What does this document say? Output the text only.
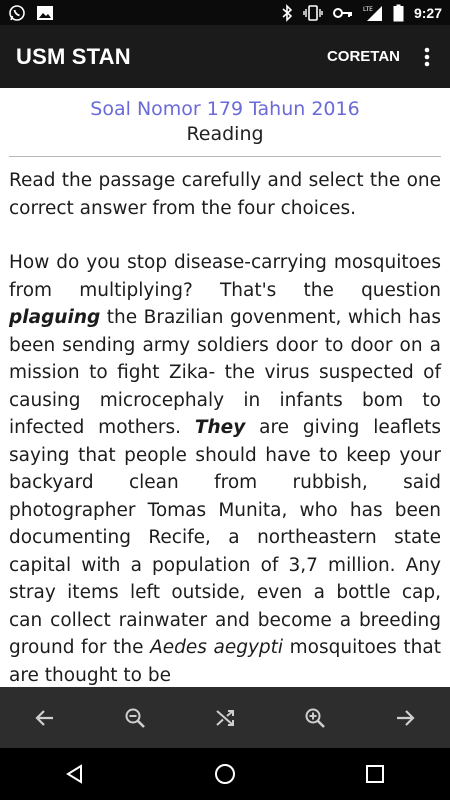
LTE	9:27
USM STAN	CORETAN
Soal Nomor 179 Tahun 2016
Reading

Read the passage carefully and select the one correct answer from the four choices.

How do you stop disease-carrying mosquitoes from multiplying? That's the question plaguing the Brazilian govenment, which has been sending army soldiers door to door on a mission to fight Zika- the virus suspected of causing microcephaly in infants bom to infected mothers. They are giving leaflets saying that people should have to keep your backyard clean from rubbish, said photographer Tomas Munita, who has been documenting Recife, a northeastern state capital with a population of 3,7 million. Any stray items left outside, even a bottle cap, can collect rainwater and become a breeding ground for the Aedes aegypti mosquitoes that are thought to be
